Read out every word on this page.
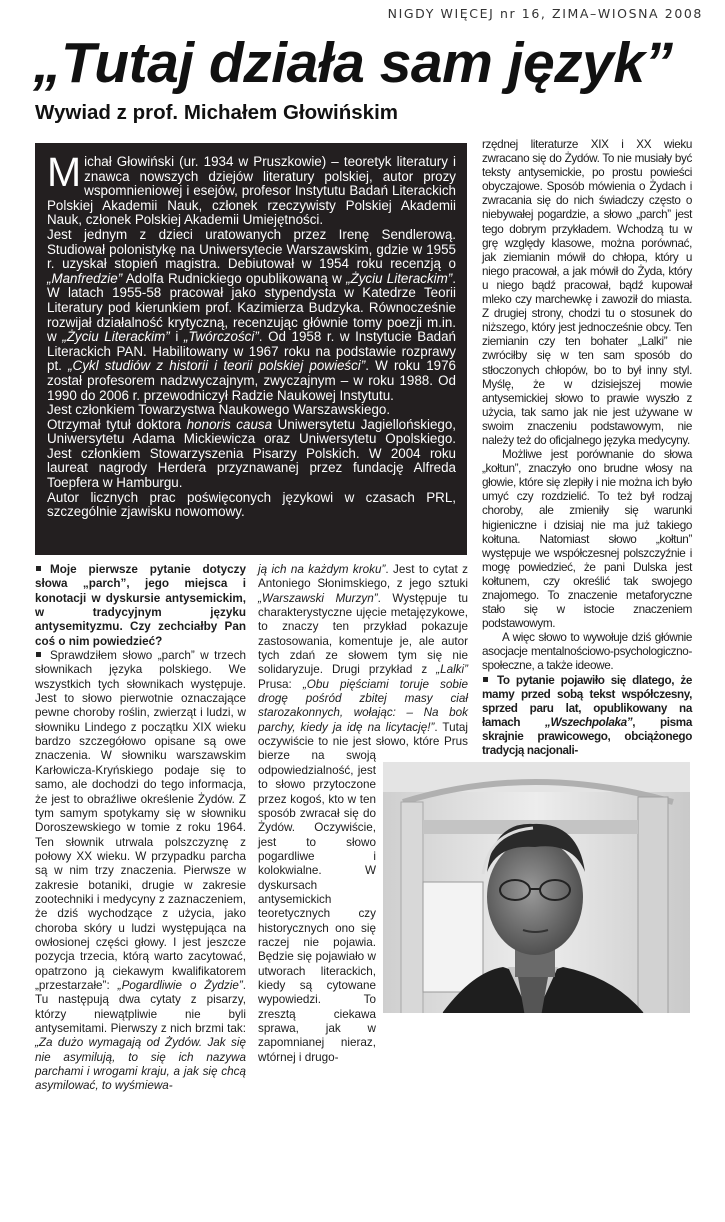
NIGDY WIĘCEJ nr 16, ZIMA–WIOSNA 2008
„Tutaj działa sam język”
Wywiad z prof. Michałem Głowińskim
M ichał Głowiński (ur. 1934 w Pruszkowie) – teoretyk literatury i znawca nowszych dziejów literatury polskiej, autor prozy wspomnieniowej i esejów, profesor Instytutu Badań Literackich Polskiej Akademii Nauk, członek rzeczywisty Polskiej Akademii Nauk, członek Polskiej Akademii Umiejętności.

Jest jednym z dzieci uratowanych przez Irenę Sendlerową. Studiował polonistykę na Uniwersytecie Warszawskim, gdzie w 1955 r. uzyskał stopień magistra. Debiutował w 1954 roku recenzją o „Manfredzie” Adolfa Rudnickiego opublikowaną w „Życiu Literackim”. W latach 1955-58 pracował jako stypendysta w Katedrze Teorii Literatury pod kierunkiem prof. Kazimierza Budzyka. Równocześnie rozwijał działalność krytyczną, recenzując głównie tomy poezji m.in. w „Życiu Literackim” i „Twórczości”. Od 1958 r. w Instytucie Badań Literackich PAN. Habilitowany w 1967 roku na podstawie rozprawy pt. „Cykl studiów z historii i teorii polskiej powieści”. W roku 1976 został profesorem nadzwyczajnym, zwyczajnym – w roku 1988. Od 1990 do 2006 r. przewodniczył Radzie Naukowej Instytutu.

Jest członkiem Towarzystwa Naukowego Warszawskiego.

Otrzymał tytuł doktora honoris causa Uniwersytetu Jagiellońskiego, Uniwersytetu Adama Mickiewicza oraz Uniwersytetu Opolskiego. Jest członkiem Stowarzyszenia Pisarzy Polskich. W 2004 roku laureat nagrody Herdera przyznawanej przez fundację Alfreda Toepfera w Hamburgu.

Autor licznych prac poświęconych językowi w czasach PRL, szczególnie zjawisku nowomowy.

Moje pierwsze pytanie dotyczy słowa „parch”, jego miejsca i konotacji w dyskursie antysemickim, w tradycyjnym języku antysemityzmu. Czy zechciałby Pan coś o nim powiedzieć?

Sprawdziłem słowo „parch” w trzech słownikach języka polskiego. We wszystkich tych słownikach występuje. Jest to słowo pierwotnie oznaczające pewne choroby roślin, zwierząt i ludzi, w słowniku Lindego z początku XIX wieku bardzo szczegółowo opisane są owe znaczenia. W słowniku warszawskim Karłowicza-Kryńskiego podaje się to samo, ale dochodzi do tego informacja, że jest to obraźliwe określenie Żydów. Z tym samym spotykamy się w słowniku Doroszewskiego w tomie z roku 1964. Ten słownik utrwala polszczyznę z połowy XX wieku. W przypadku parcha są w nim trzy znaczenia. Pierwsze w zakresie botaniki, drugie w zakresie zootechniki i medycyny z zaznaczeniem, że dziś wychodzące z użycia, jako choroba skóry u ludzi występująca na owłosionej części głowy. I jest jeszcze pozycja trzecia, którą warto zacytować, opatrzono ją ciekawym kwalifikatorem „przestarzałe”: „Pogardliwie o Żydzie”. Tu następują dwa cytaty z pisarzy, którzy niewątpliwie nie byli antysemitami. Pierwszy z nich brzmi tak: „Za dużo wymagają od Żydów. Jak się nie asymilują, to się ich nazywa parchami i wrogami kraju, a jak się chcą asymilować, to wyśmiewa-

ją ich na każdym kroku”. Jest to cytat z Antoniego Słonimskiego, z jego sztuki „Warszawski Murzyn”. Występuje tu charakterystyczne ujęcie metajęzykowe, to znaczy ten przykład pokazuje zastosowania, komentuje je, ale autor tych zdań ze słowem tym się nie solidaryzuje. Drugi przykład z „Lalki” Prusa: „Obu pięściami toruje sobie drogę pośród zbitej masy ciał starozakonnych, wołając: – Na bok parchy, kiedy ja idę na licytację!”. Tutaj oczywiście to nie jest słowo, które Prus bierze na swoją odpowiedzialność, jest to słowo przytoczone przez kogoś, kto w ten sposób zwracał się do Żydów. Oczywiście, jest to słowo pogardliwe i kolokwialne. W dyskursach antysemickich teoretycznych czy historycznych ono się raczej nie pojawia. Będzie się pojawiało w utworach literackich, kiedy są cytowane wypowiedzi. To zresztą ciekawa sprawa, jak w zapomnianej nieraz, wtórnej i drugo-

rzędnej literaturze XIX i XX wieku zwracano się do Żydów. To nie musiały być teksty antysemickie, po prostu powieści obyczajowe. Sposób mówienia o Żydach i zwracania się do nich świadczy często o niebywałej pogardzie, a słowo „parch” jest tego dobrym przykładem. Wchodzą tu w grę względy klasowe, można porównać, jak ziemianin mówił do chłopa, który u niego pracował, a jak mówił do Żyda, który u niego bądź pracował, bądź kupował mleko czy marchewkę i zawoził do miasta. Z drugiej strony, chodzi tu o stosunek do niższego, który jest jednocześnie obcy. Ten ziemianin czy ten bohater „Lalki” nie zwróciłby się w ten sam sposób do stłoczonych chłopów, bo to był inny styl. Myślę, że w dzisiejszej mowie antysemickiej słowo to prawie wyszło z użycia, tak samo jak nie jest używane w swoim znaczeniu podstawowym, nie należy też do oficjalnego języka medycyny.

Możliwe jest porównanie do słowa „kołtun”, znaczyło ono brudne włosy na głowie, które się zlepiły i nie można ich było umyć czy rozdzielić. To też był rodzaj choroby, ale zmieniły się warunki higieniczne i dzisiaj nie ma już takiego kołtuna. Natomiast słowo „kołtun” występuje we współczesnej polszczyźnie i mogę powiedzieć, że pani Dulska jest kołtunem, czy określić tak swojego znajomego. To znaczenie metaforyczne stało się w istocie znaczeniem podstawowym.

A więc słowo to wywołuje dziś głównie asocjacje mentalnościowo-psychologiczno-społeczne, a także ideowe.

To pytanie pojawiło się dlatego, że mamy przed sobą tekst współczesny, sprzed paru lat, opublikowany na łamach „Wszechpolaka”, pisma skrajnie prawicowego, obciążonego tradycją nacjonali-
